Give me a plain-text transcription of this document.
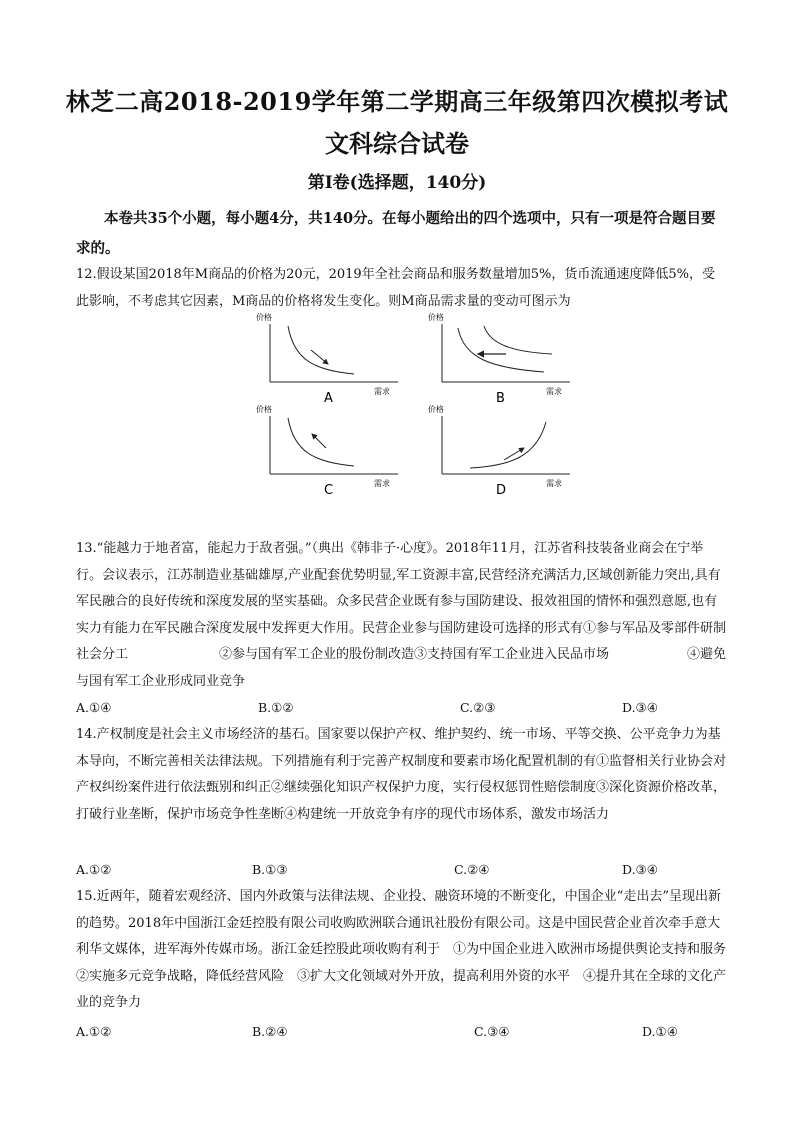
林芝二高2018-2019学年第二学期高三年级第四次模拟考试
文科综合试卷
第Ⅰ卷(选择题，140分)
本卷共35个小题，每小题4分，共140分。在每小题给出的四个选项中，只有一项是符合题目要求的。
12.假设某国2018年M商品的价格为20元，2019年全社会商品和服务数量增加5%，货币流通速度降低5%，受此影响，不考虑其它因素，M商品的价格将发生变化。则M商品需求量的变动可图示为
价格
需求
A
价格
需求
B
价格
需求
C
价格
需求
D
13.“能越力于地者富，能起力于敌者强。”（典出《韩非子·心度》。2018年11月，江苏省科技装备业商会在宁举行。会议表示，江苏制造业基础雄厚,产业配套优势明显,军工资源丰富,民营经济充满活力,区域创新能力突出,具有军民融合的良好传统和深度发展的坚实基础。众多民营企业既有参与国防建设、报效祖国的情怀和强烈意愿,也有实力有能力在军民融合深度发展中发挥更大作用。民营企业参与国防建设可选择的形式有①参与军品及零部件研制社会分工　　　　　　　②参与国有军工企业的股份制改造③支持国有军工企业进入民品市场　　　　　　④避免与国有军工企业形成同业竞争
A.①④	B.①②	C.②③	D.③④
14.产权制度是社会主义市场经济的基石。国家要以保护产权、维护契约、统一市场、平等交换、公平竞争力为基本导向，不断完善相关法律法规。下列措施有利于完善产权制度和要素市场化配置机制的有①监督相关行业协会对产权纠纷案件进行依法甄别和纠正②继续强化知识产权保护力度，实行侵权惩罚性赔偿制度③深化资源价格改革，打破行业垄断，保护市场竞争性垄断④构建统一开放竞争有序的现代市场体系，激发市场活力
A.①②	B.①③	C.②④	D.③④
15.近两年，随着宏观经济、国内外政策与法律法规、企业投、融资环境的不断变化，中国企业“走出去”呈现出新的趋势。2018年中国浙江金廷控股有限公司收购欧洲联合通讯社股份有限公司。这是中国民营企业首次牵手意大利华文媒体，进军海外传媒市场。浙江金廷控股此项收购有利于　①为中国企业进入欧洲市场提供舆论支持和服务　②实施多元竞争战略，降低经营风险　③扩大文化领域对外开放，提高利用外资的水平　④提升其在全球的文化产业的竞争力
A.①②	B.②④	C.③④	D.①④
